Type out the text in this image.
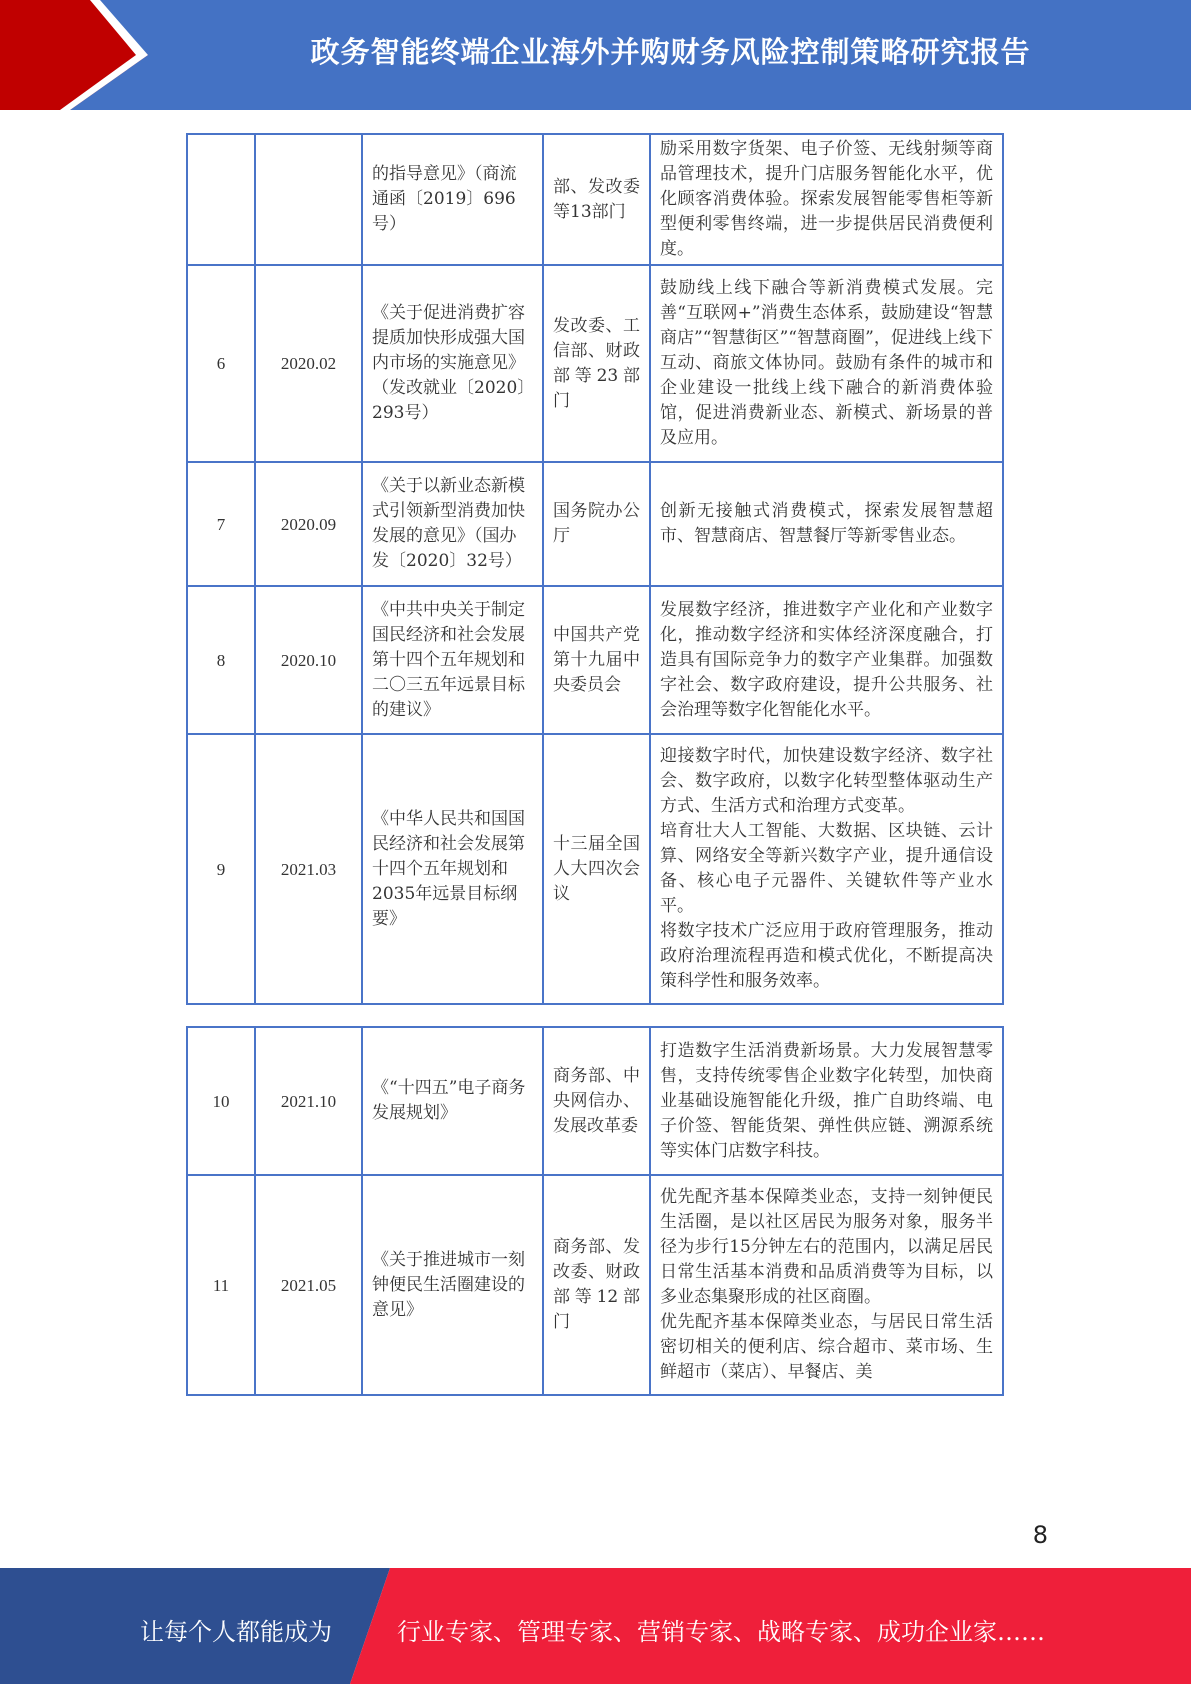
政务智能终端企业海外并购财务风险控制策略研究报告
		的指导意见》（商流通函〔2019〕696号）	部、发改委等13部门	励采用数字货架、电子价签、无线射频等商品管理技术，提升门店服务智能化水平，优化顾客消费体验。探索发展智能零售柜等新型便利零售终端，进一步提供居民消费便利度。

6	2020.02	《关于促进消费扩容提质加快形成强大国内市场的实施意见》（发改就业〔2020〕293号）	发改委、工信部、财政部等23部门	鼓励线上线下融合等新消费模式发展。完善“互联网+”消费生态体系，鼓励建设“智慧商店”“智慧街区”“智慧商圈”，促进线上线下互动、商旅文体协同。鼓励有条件的城市和企业建设一批线上线下融合的新消费体验馆，促进消费新业态、新模式、新场景的普及应用。

7	2020.09	《关于以新业态新模式引领新型消费加快发展的意见》（国办发〔2020〕32号）	国务院办公厅	创新无接触式消费模式，探索发展智慧超市、智慧商店、智慧餐厅等新零售业态。

8	2020.10	《中共中央关于制定国民经济和社会发展第十四个五年规划和二〇三五年远景目标的建议》	中国共产党第十九届中央委员会	发展数字经济，推进数字产业化和产业数字化，推动数字经济和实体经济深度融合，打造具有国际竞争力的数字产业集群。加强数字社会、数字政府建设，提升公共服务、社会治理等数字化智能化水平。

9	2021.03	《中华人民共和国国民经济和社会发展第十四个五年规划和2035年远景目标纲要》	十三届全国人大四次会议	迎接数字时代，加快建设数字经济、数字社会、数字政府，以数字化转型整体驱动生产方式、生活方式和治理方式变革。
培育壮大人工智能、大数据、区块链、云计算、网络安全等新兴数字产业，提升通信设备、核心电子元器件、关键软件等产业水平。
将数字技术广泛应用于政府管理服务，推动政府治理流程再造和模式优化，不断提高决策科学性和服务效率。
10	2021.10	《“十四五”电子商务发展规划》	商务部、中央网信办、发展改革委	打造数字生活消费新场景。大力发展智慧零售，支持传统零售企业数字化转型，加快商业基础设施智能化升级，推广自助终端、电子价签、智能货架、弹性供应链、溯源系统等实体门店数字科技。

11	2021.05	《关于推进城市一刻钟便民生活圈建设的意见》	商务部、发改委、财政部等12部门	优先配齐基本保障类业态，支持一刻钟便民生活圈，是以社区居民为服务对象，服务半径为步行15分钟左右的范围内，以满足居民日常生活基本消费和品质消费等为目标，以多业态集聚形成的社区商圈。
优先配齐基本保障类业态，与居民日常生活密切相关的便利店、综合超市、菜市场、生鲜超市（菜店）、早餐店、美
8
让每个人都能成为	行业专家、管理专家、营销专家、战略专家、成功企业家……
